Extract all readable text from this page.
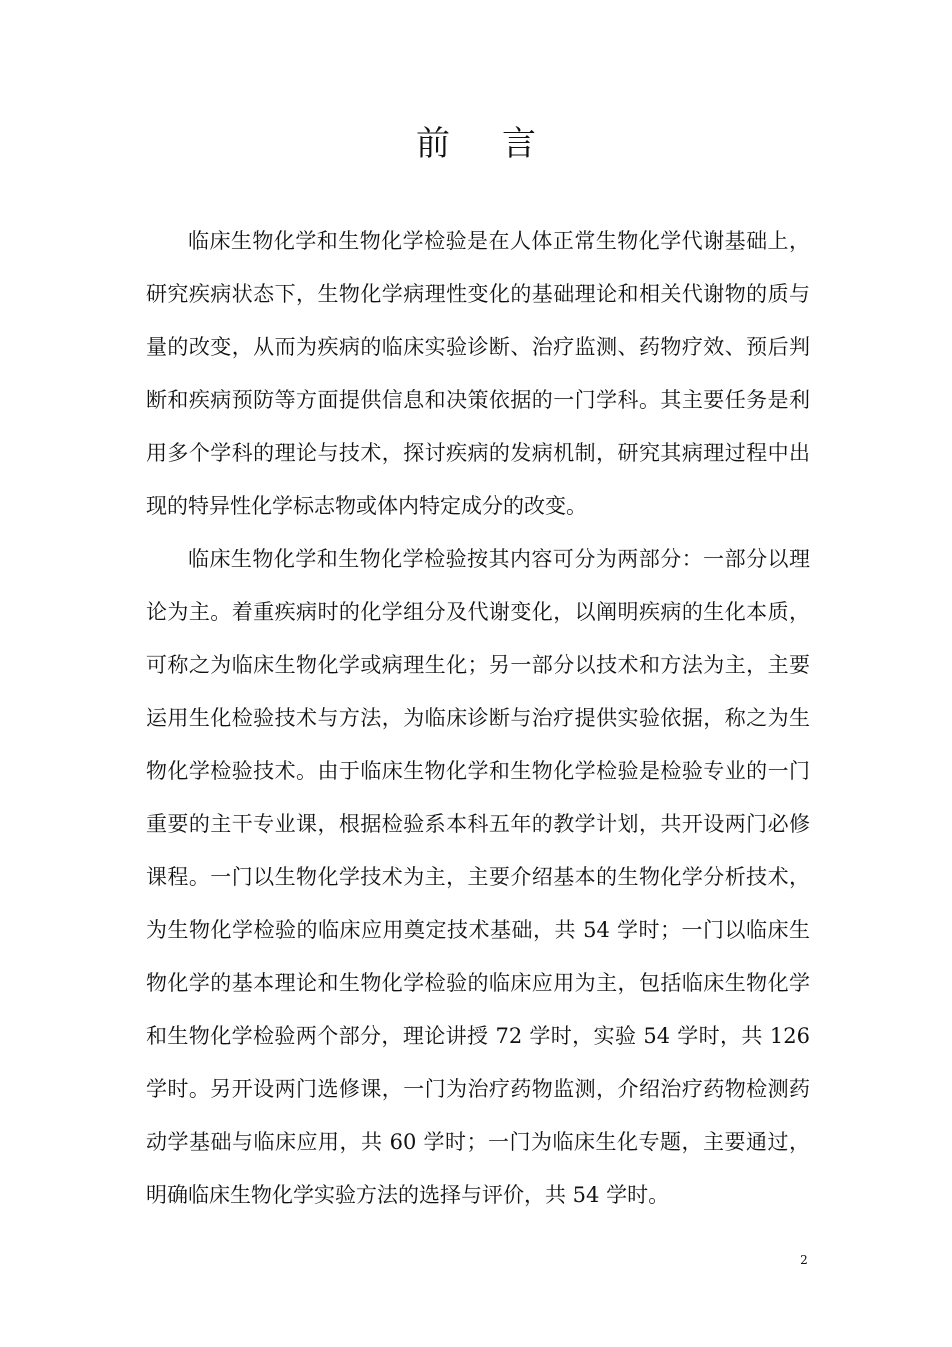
前 言

临床生物化学和生物化学检验是在人体正常生物化学代谢基础上，研究疾病状态下，生物化学病理性变化的基础理论和相关代谢物的质与量的改变，从而为疾病的临床实验诊断、治疗监测、药物疗效、预后判断和疾病预防等方面提供信息和决策依据的一门学科。其主要任务是利用多个学科的理论与技术，探讨疾病的发病机制，研究其病理过程中出现的特异性化学标志物或体内特定成分的改变。

临床生物化学和生物化学检验按其内容可分为两部分：一部分以理论为主。着重疾病时的化学组分及代谢变化，以阐明疾病的生化本质，可称之为临床生物化学或病理生化；另一部分以技术和方法为主，主要运用生化检验技术与方法，为临床诊断与治疗提供实验依据，称之为生物化学检验技术。由于临床生物化学和生物化学检验是检验专业的一门重要的主干专业课，根据检验系本科五年的教学计划，共开设两门必修课程。一门以生物化学技术为主，主要介绍基本的生物化学分析技术，为生物化学检验的临床应用奠定技术基础，共 54 学时；一门以临床生物化学的基本理论和生物化学检验的临床应用为主，包括临床生物化学和生物化学检验两个部分，理论讲授 72 学时，实验 54 学时，共 126 学时。另开设两门选修课，一门为治疗药物监测，介绍治疗药物检测药动学基础与临床应用，共 60 学时；一门为临床生化专题，主要通过，明确临床生物化学实验方法的选择与评价，共 54 学时。

2
